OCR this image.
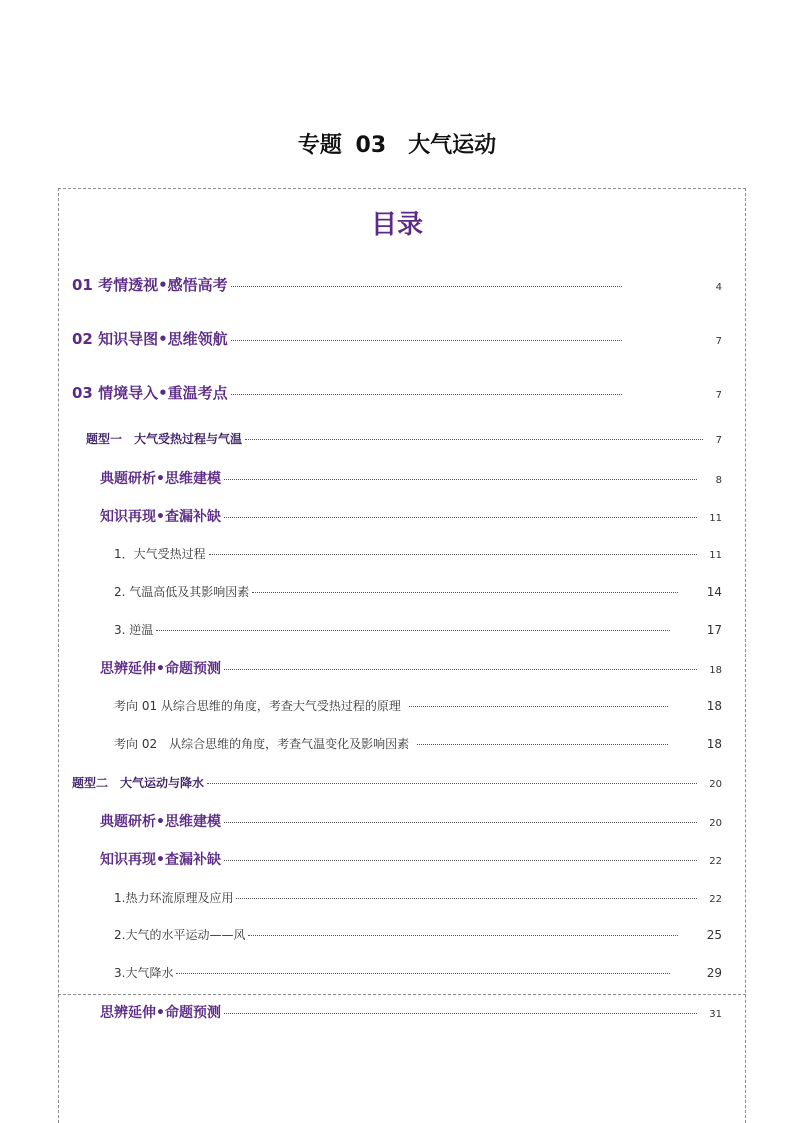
专题 03　大气运动
目录
01 考情透视•感悟高考	4
02 知识导图•思维领航	7
03 情境导入•重温考点	7
题型一　大气受热过程与气温	7
典题研析•思维建模	8
知识再现•查漏补缺	11
1．大气受热过程	11
2. 气温高低及其影响因素	14
3. 逆温	17
思辨延伸•命题预测	18
考向 01 从综合思维的角度，考查大气受热过程的原理	18
考向 02　从综合思维的角度，考查气温变化及影响因素	18
题型二　大气运动与降水	20
典题研析•思维建模	20
知识再现•查漏补缺	22
1.热力环流原理及应用	22
2.大气的水平运动——风	25
3.大气降水	29
思辨延伸•命题预测	31
